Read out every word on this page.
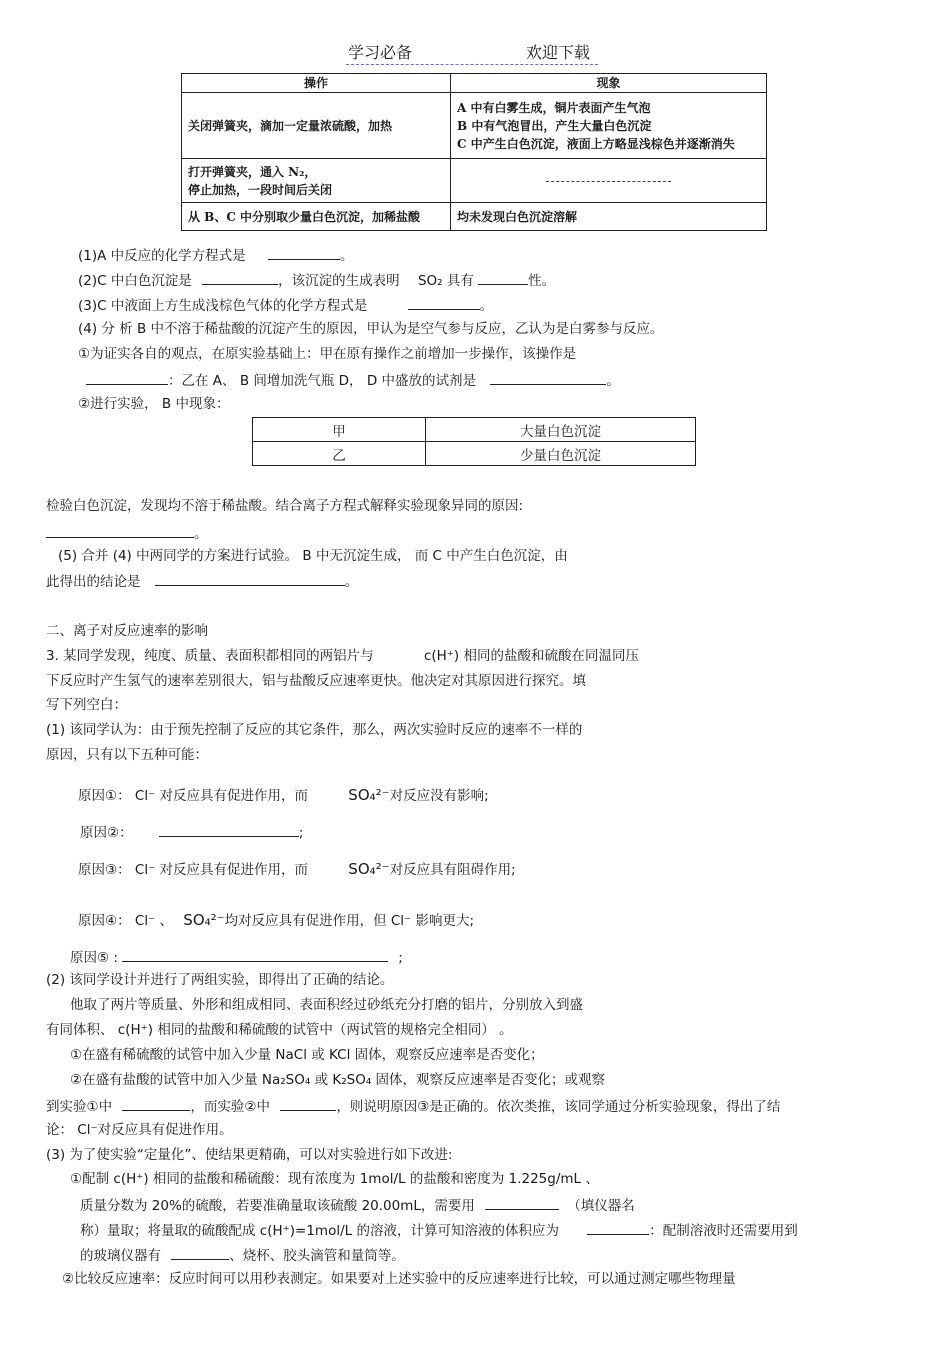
学习必备	欢迎下载
操作	现象

关闭弹簧夹，滴加一定量浓硫酸，加热	A 中有白雾生成，铜片表面产生气泡
B 中有气泡冒出，产生大量白色沉淀
C 中产生白色沉淀，液面上方略显浅棕色并逐渐消失

打开弹簧夹，通入 N₂，
停止加热，一段时间后关闭	

从 B、C 中分别取少量白色沉淀，加稀盐酸	均未发现白色沉淀溶解
(1)A 中反应的化学方程式是	。
(2)C 中白色沉淀是	，该沉淀的生成表明 SO₂ 具有	性。
(3)C 中液面上方生成浅棕色气体的化学方程式是	。
(4) 分 析 B 中不溶于稀盐酸的沉淀产生的原因，甲认为是空气参与反应，乙认为是白雾参与反应。
①为证实各自的观点，在原实验基础上：甲在原有操作之前增加一步操作，该操作是
：乙在 A、 B 间增加洗气瓶 D， D 中盛放的试剂是	。
②进行实验， B 中现象：
甲	大量白色沉淀
乙	少量白色沉淀
检验白色沉淀，发现均不溶于稀盐酸。结合离子方程式解释实验现象异同的原因:
。
(5) 合并 (4) 中两同学的方案进行试验。 B 中无沉淀生成， 而 C 中产生白色沉淀，由
此得出的结论是	。
二、离子对反应速率的影响
3. 某同学发现，纯度、质量、表面积都相同的两铝片与	c(H⁺) 相同的盐酸和硫酸在同温同压
下反应时产生氢气的速率差别很大，铝与盐酸反应速率更快。他决定对其原因进行探究。填
写下列空白：
(1) 该同学认为：由于预先控制了反应的其它条件，那么，两次实验时反应的速率不一样的
原因，只有以下五种可能：
原因①： Cl⁻ 对反应具有促进作用，而	SO₄²⁻对反应没有影响;
原因②：	;
原因③： Cl⁻ 对反应具有促进作用，而	SO₄²⁻对反应具有阻碍作用;
原因④： Cl⁻ 、 SO₄²⁻均对反应具有促进作用，但 Cl⁻ 影响更大;
原因⑤ :	;
(2) 该同学设计并进行了两组实验，即得出了正确的结论。
他取了两片等质量、外形和组成相同、表面积经过砂纸充分打磨的铝片，分别放入到盛
有同体积、 c(H⁺) 相同的盐酸和稀硫酸的试管中（两试管的规格完全相同） 。
①在盛有稀硫酸的试管中加入少量 NaCl 或 KCl 固体，观察反应速率是否变化；
②在盛有盐酸的试管中加入少量 Na₂SO₄ 或 K₂SO₄ 固体，观察反应速率是否变化；或观察
到实验①中	，而实验②中	，则说明原因③是正确的。依次类推，该同学通过分析实验现象，得出了结
论： Cl⁻对反应具有促进作用。
(3) 为了使实验“定量化”、使结果更精确，可以对实验进行如下改进:
①配制 c(H⁺) 相同的盐酸和稀硫酸：现有浓度为 1mol/L 的盐酸和密度为 1.225g/mL 、
质量分数为 20%的硫酸，若要准确量取该硫酸 20.00mL，需要用	（填仪器名
称）量取；将量取的硫酸配成 c(H⁺)=1mol/L 的溶液，计算可知溶液的体积应为	：配制溶液时还需要用到
的玻璃仪器有	、烧杯、胶头滴管和量筒等。
②比较反应速率：反应时间可以用秒表测定。如果要对上述实验中的反应速率进行比较，可以通过测定哪些物理量
